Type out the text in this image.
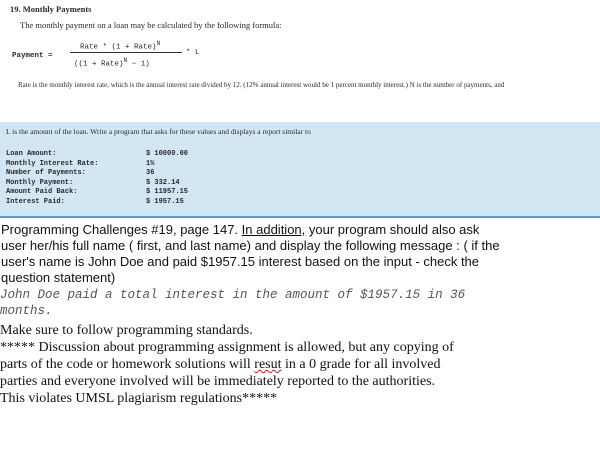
19. Monthly Payments
The monthly payment on a loan may be calculated by the following formula:
Payment =
Rate * (1 + Rate)$^N$
((1 + Rate)$^N$ − 1)
* L
Rate is the monthly interest rate, which is the annual interest rate divided by 12. (12% annual interest would be 1 percent monthly interest.) N is the number of payments, and
L is the amount of the loan. Write a program that asks for these values and displays a report similar to
Loan Amount:	$ 10000.00
Monthly Interest Rate:	1%
Number of Payments:	36
Monthly Payment:	$ 332.14
Amount Paid Back:	$ 11957.15
Interest Paid:	$ 1957.15
Programming Challenges #19, page 147. In addition, your program should also ask
user her/his full name ( first, and last name) and display the following message : ( if the
user's name is John Doe and paid $1957.15 interest based on the input - check the
question statement)
John Doe paid a total interest in the amount of $1957.15 in 36
months.
Make sure to follow programming standards.
***** Discussion about programming assignment is allowed, but any copying of
parts of the code or homework solutions will resut in a 0 grade for all involved
parties and everyone involved will be immediately reported to the authorities.
This violates UMSL plagiarism regulations*****
